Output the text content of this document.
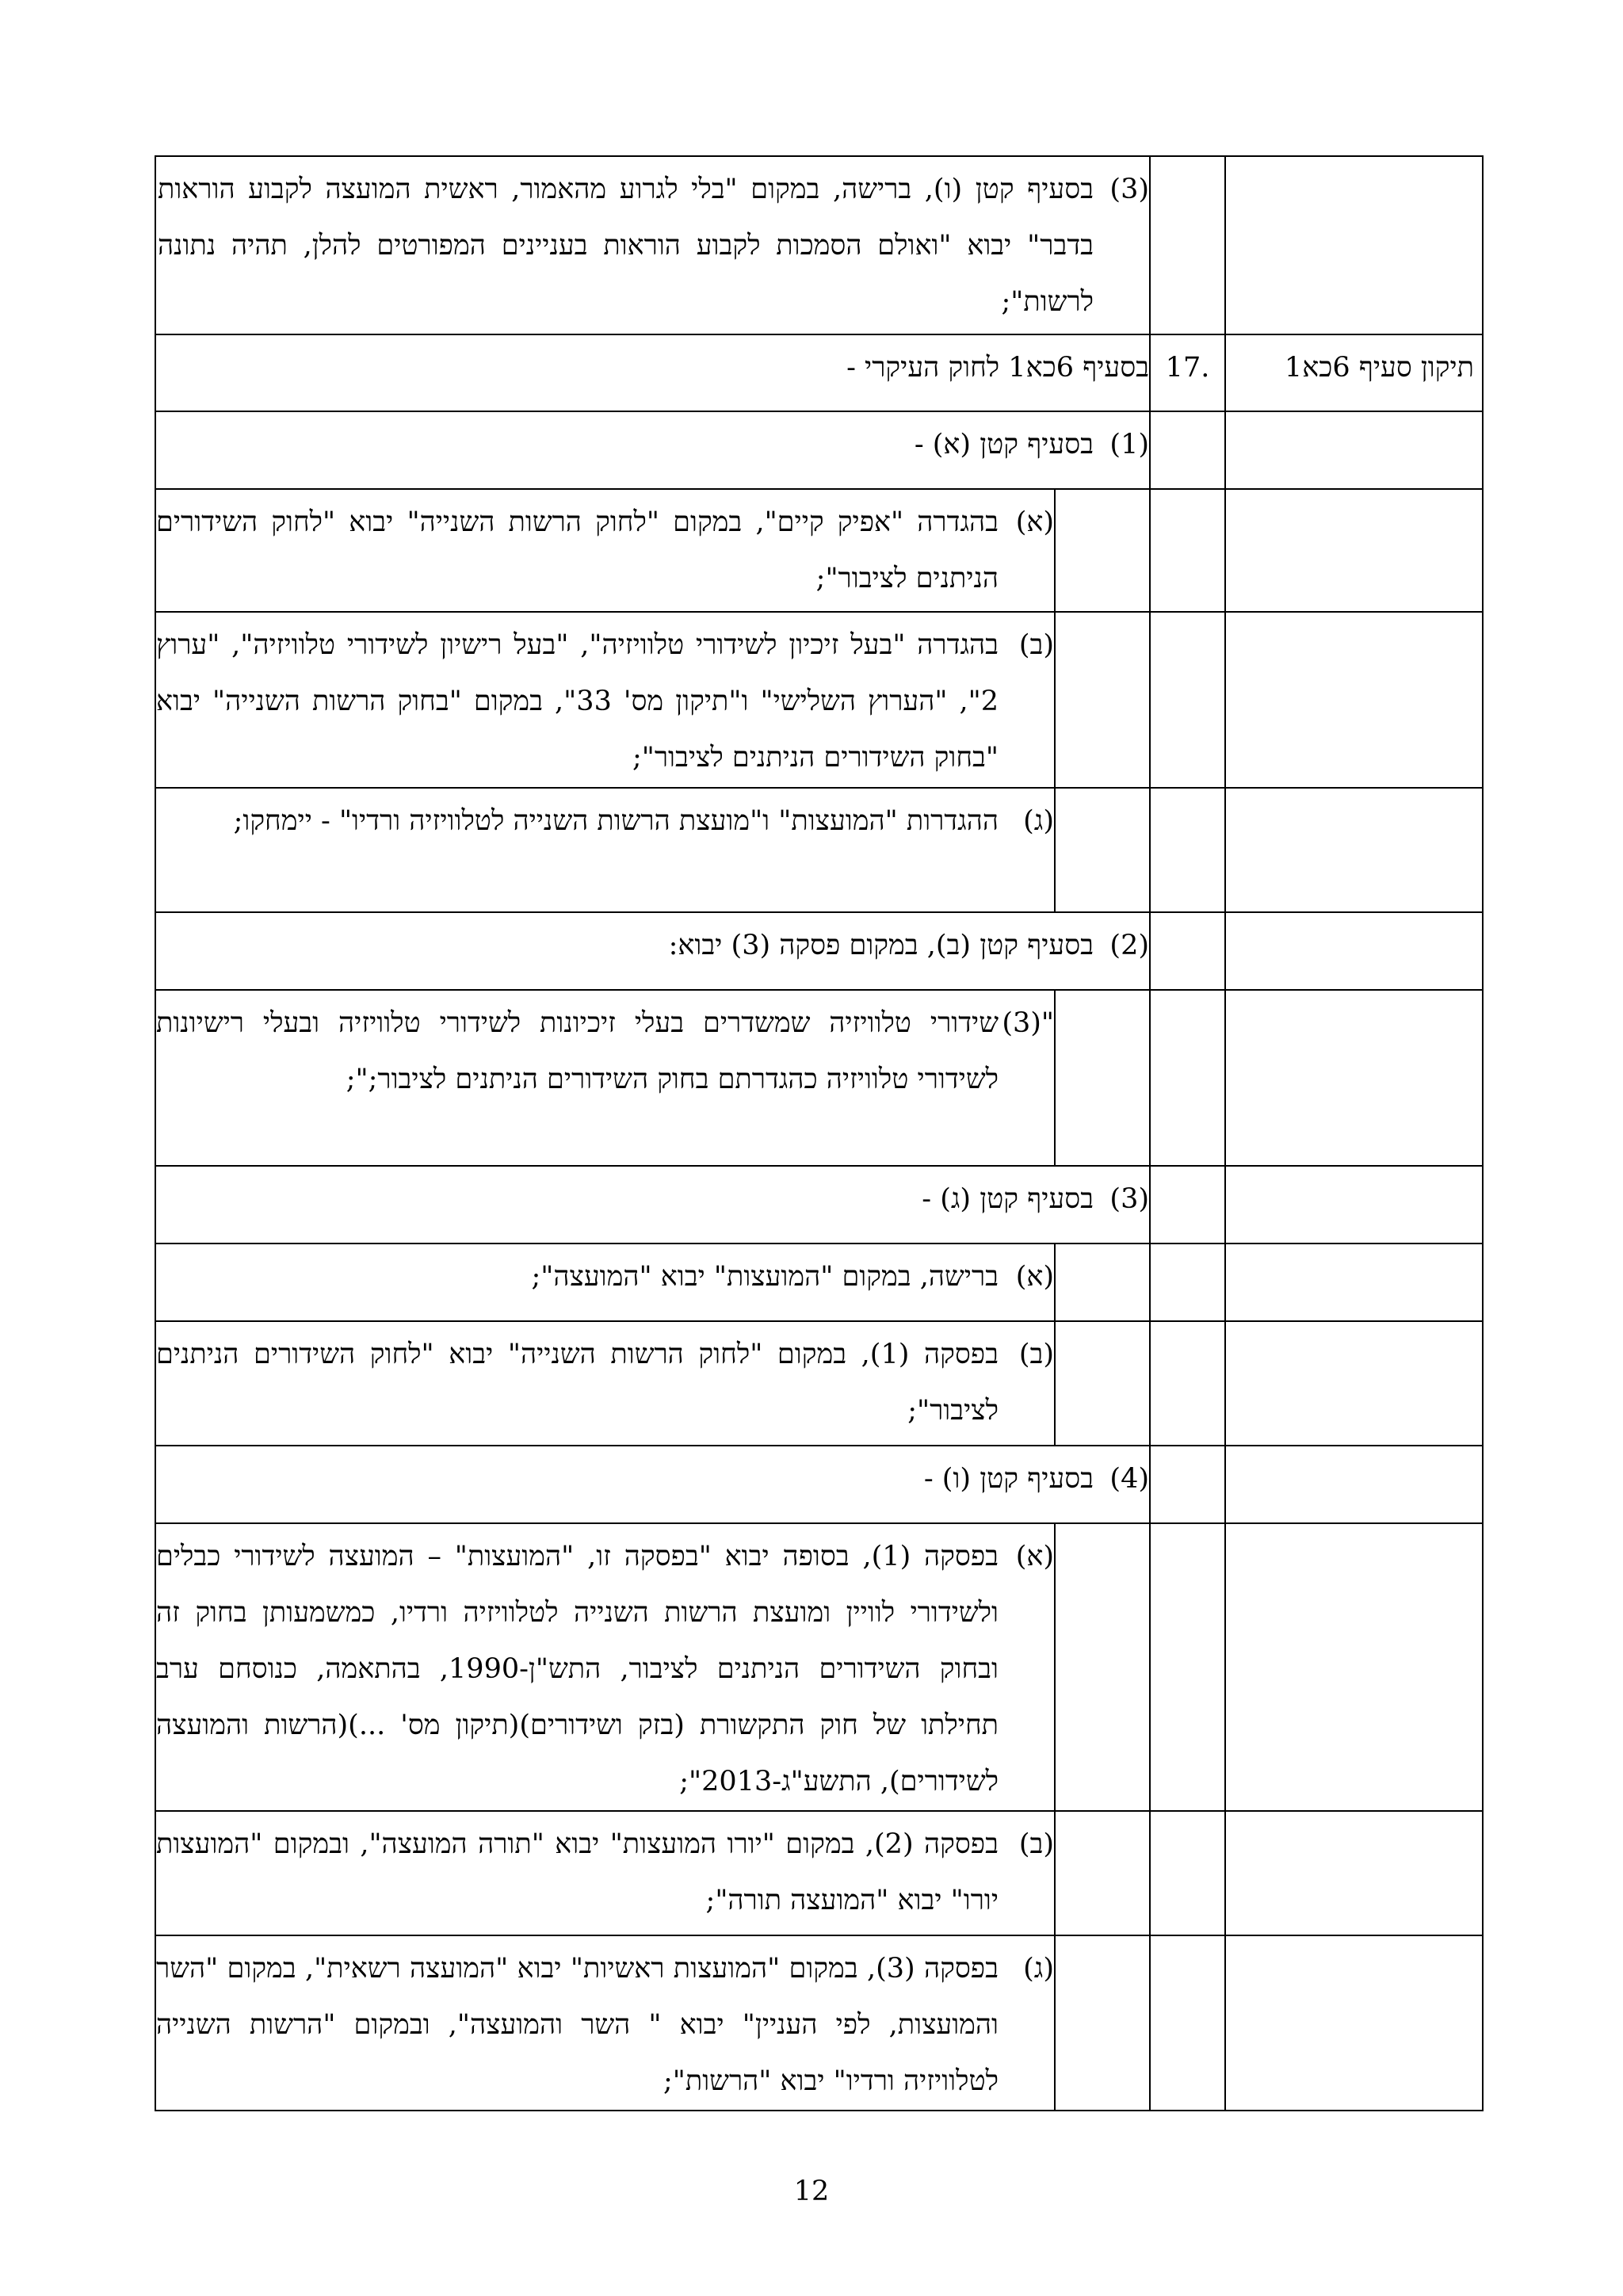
		(3)
בסעיף קטן (ו), ברישה, במקום "בלי לגרוע מהאמור, ראשית המועצה לקבוע הוראות בדבר" יבוא "ואולם הסמכות לקבוע הוראות בעניינים המפורטים להלן, תהיה נתונה לרשות";	

תיקון סעיף 6כא1	.17	בסעיף 6כא1 לחוק העיקרי -	

		(1)
בסעיף קטן (א) -	

			(א)
בהגדרה "אפיק קיים", במקום "לחוק הרשות השנייה" יבוא "לחוק השידורים הניתנים לציבור";

			(ב)
בהגדרה "בעל זיכיון לשידורי טלוויזיה", "בעל רישיון לשידורי טלוויזיה", "ערוץ 2", "הערוץ השלישי" ו"תיקון מס' 33", במקום "בחוק הרשות השנייה" יבוא "בחוק השידורים הניתנים לציבור";

			(ג)
ההגדרות "המועצות" ו"מועצת הרשות השנייה לטלוויזיה ורדיו" - יימחקו;

		(2)
בסעיף קטן (ב), במקום פסקה (3) יבוא:	

			"(3)
שידורי טלוויזיה שמשדרים בעלי זיכיונות לשידורי טלוויזיה ובעלי רישיונות לשידורי טלוויזיה כהגדרתם בחוק השידורים הניתנים לציבור;";

		(3)
בסעיף קטן (ג) -	

			(א)
ברישה, במקום "המועצות" יבוא "המועצה";

			(ב)
בפסקה (1), במקום "לחוק הרשות השנייה" יבוא "לחוק השידורים הניתנים לציבור";

		(4)
בסעיף קטן (ו) -	

			(א)
בפסקה (1), בסופה יבוא "בפסקה זו, "המועצות" – המועצה לשידורי כבלים ולשידורי לוויין ומועצת הרשות השנייה לטלוויזיה ורדיו, כמשמעותן בחוק זה ובחוק השידורים הניתנים לציבור, התש"ן-1990, בהתאמה, כנוסחם ערב תחילתו של חוק התקשורת (בזק ושידורים)(תיקון מס' ...)(הרשות והמועצה לשידורים), התשע"ג-2013";

			(ב)
בפסקה (2), במקום "יורו המועצות" יבוא "תורה המועצה", ובמקום "המועצות יורו" יבוא "המועצה תורה";

			(ג)
בפסקה (3), במקום "המועצות ראשיות" יבוא "המועצה רשאית", במקום "השר והמועצות, לפי העניין" יבוא " השר והמועצה", ובמקום "הרשות השנייה לטלוויזיה ורדיו" יבוא "הרשות";
12
